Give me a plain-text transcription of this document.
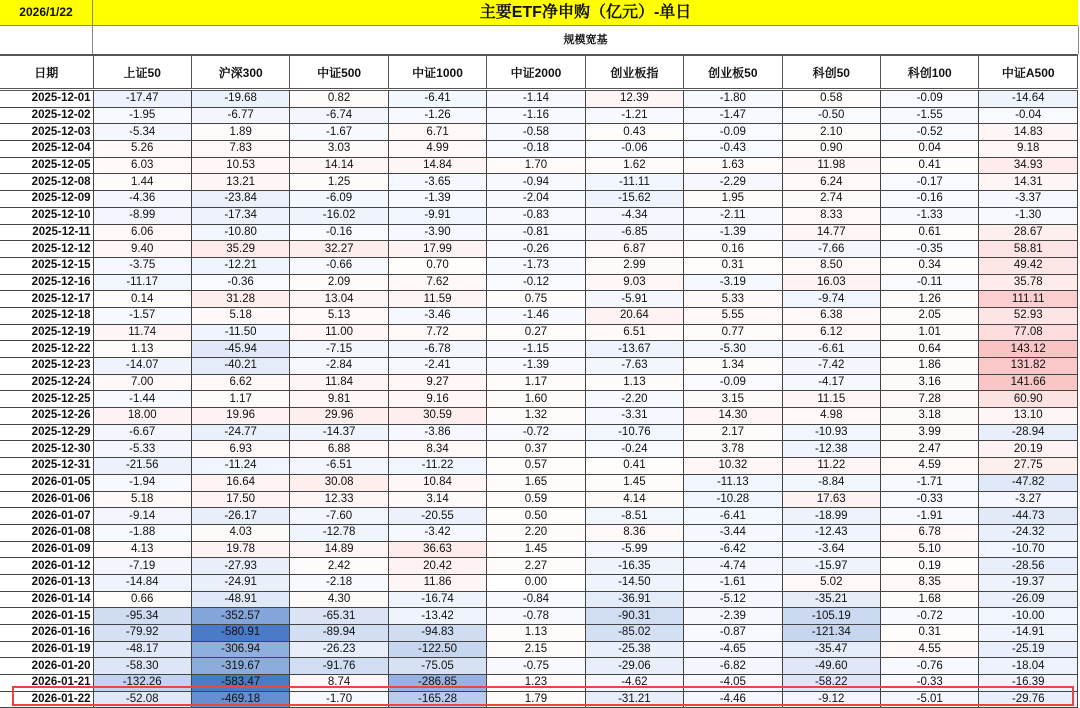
2026/1/22	主要ETF净申购（亿元）-单日
规模宽基
日期	上证50	沪深300	中证500	中证1000	中证2000	创业板指	创业板50	科创50	科创100	中证A500
2025-12-01	-17.47	-19.68	0.82	-6.41	-1.14	12.39	-1.80	0.58	-0.09	-14.64
2025-12-02	-1.95	-6.77	-6.74	-1.26	-1.16	-1.21	-1.47	-0.50	-1.55	-0.04
2025-12-03	-5.34	1.89	-1.67	6.71	-0.58	0.43	-0.09	2.10	-0.52	14.83
2025-12-04	5.26	7.83	3.03	4.99	-0.18	-0.06	-0.43	0.90	0.04	9.18
2025-12-05	6.03	10.53	14.14	14.84	1.70	1.62	1.63	11.98	0.41	34.93
2025-12-08	1.44	13.21	1.25	-3.65	-0.94	-11.11	-2.29	6.24	-0.17	14.31
2025-12-09	-4.36	-23.84	-6.09	-1.39	-2.04	-15.62	1.95	2.74	-0.16	-3.37
2025-12-10	-8.99	-17.34	-16.02	-9.91	-0.83	-4.34	-2.11	8.33	-1.33	-1.30
2025-12-11	6.06	-10.80	-0.16	-3.90	-0.81	-6.85	-1.39	14.77	0.61	28.67
2025-12-12	9.40	35.29	32.27	17.99	-0.26	6.87	0.16	-7.66	-0.35	58.81
2025-12-15	-3.75	-12.21	-0.66	0.70	-1.73	2.99	0.31	8.50	0.34	49.42
2025-12-16	-11.17	-0.36	2.09	7.62	-0.12	9.03	-3.19	16.03	-0.11	35.78
2025-12-17	0.14	31.28	13.04	11.59	0.75	-5.91	5.33	-9.74	1.26	111.11
2025-12-18	-1.57	5.18	5.13	-3.46	-1.46	20.64	5.55	6.38	2.05	52.93
2025-12-19	11.74	-11.50	11.00	7.72	0.27	6.51	0.77	6.12	1.01	77.08
2025-12-22	1.13	-45.94	-7.15	-6.78	-1.15	-13.67	-5.30	-6.61	0.64	143.12
2025-12-23	-14.07	-40.21	-2.84	-2.41	-1.39	-7.63	1.34	-7.42	1.86	131.82
2025-12-24	7.00	6.62	11.84	9.27	1.17	1.13	-0.09	-4.17	3.16	141.66
2025-12-25	-1.44	1.17	9.81	9.16	1.60	-2.20	3.15	11.15	7.28	60.90
2025-12-26	18.00	19.96	29.96	30.59	1.32	-3.31	14.30	4.98	3.18	13.10
2025-12-29	-6.67	-24.77	-14.37	-3.86	-0.72	-10.76	2.17	-10.93	3.99	-28.94
2025-12-30	-5.33	6.93	6.88	8.34	0.37	-0.24	3.78	-12.38	2.47	20.19
2025-12-31	-21.56	-11.24	-6.51	-11.22	0.57	0.41	10.32	11.22	4.59	27.75
2026-01-05	-1.94	16.64	30.08	10.84	1.65	1.45	-11.13	-8.84	-1.71	-47.82
2026-01-06	5.18	17.50	12.33	3.14	0.59	4.14	-10.28	17.63	-0.33	-3.27
2026-01-07	-9.14	-26.17	-7.60	-20.55	0.50	-8.51	-6.41	-18.99	-1.91	-44.73
2026-01-08	-1.88	4.03	-12.78	-3.42	2.20	8.36	-3.44	-12.43	6.78	-24.32
2026-01-09	4.13	19.78	14.89	36.63	1.45	-5.99	-6.42	-3.64	5.10	-10.70
2026-01-12	-7.19	-27.93	2.42	20.42	2.27	-16.35	-4.74	-15.97	0.19	-28.56
2026-01-13	-14.84	-24.91	-2.18	11.86	0.00	-14.50	-1.61	5.02	8.35	-19.37
2026-01-14	0.66	-48.91	4.30	-16.74	-0.84	-36.91	-5.12	-35.21	1.68	-26.09
2026-01-15	-95.34	-352.57	-65.31	-13.42	-0.78	-90.31	-2.39	-105.19	-0.72	-10.00
2026-01-16	-79.92	-580.91	-89.94	-94.83	1.13	-85.02	-0.87	-121.34	0.31	-14.91
2026-01-19	-48.17	-306.94	-26.23	-122.50	2.15	-25.38	-4.65	-35.47	4.55	-25.19
2026-01-20	-58.30	-319.67	-91.76	-75.05	-0.75	-29.06	-6.82	-49.60	-0.76	-18.04
2026-01-21	-132.26	-583.47	8.74	-286.85	1.23	-4.62	-4.05	-58.22	-0.33	-16.39
2026-01-22	-52.08	-469.18	-1.70	-165.28	1.79	-31.21	-4.46	-9.12	-5.01	-29.76
